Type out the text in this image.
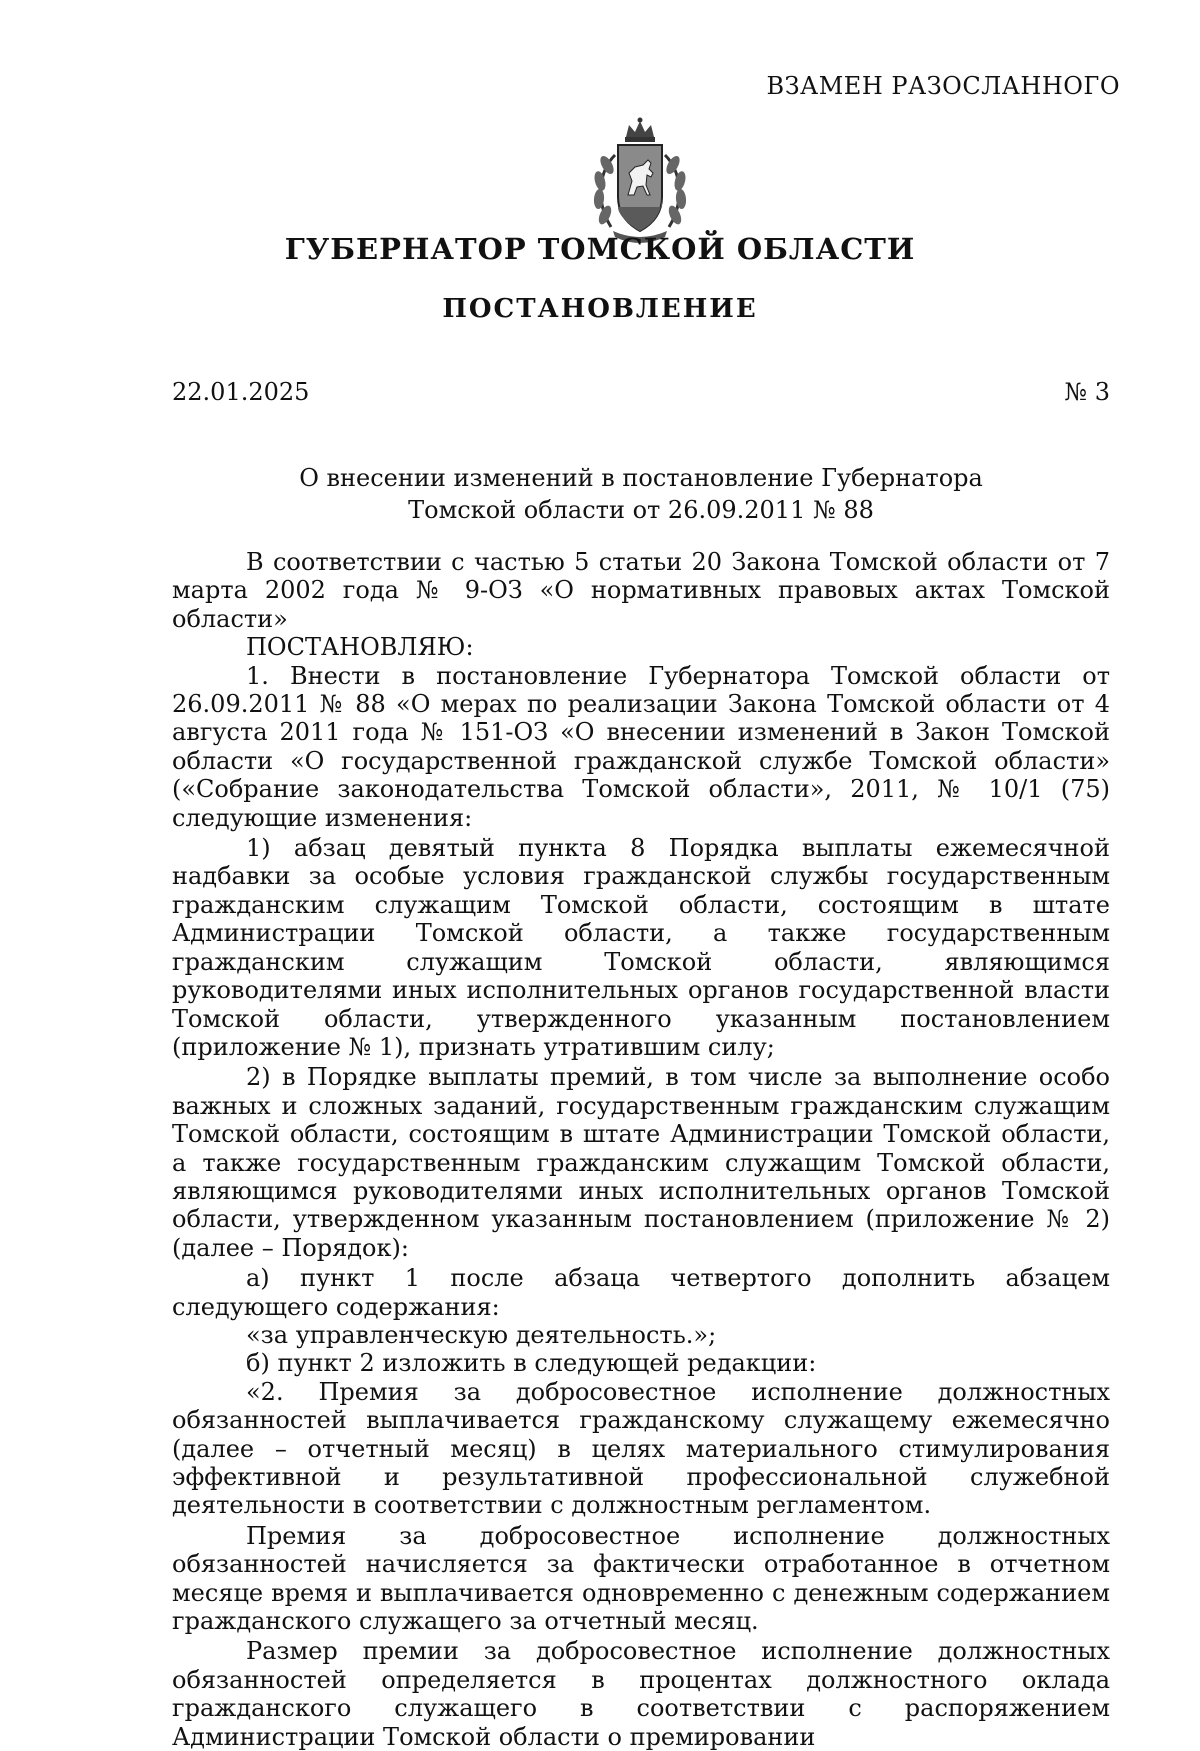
ВЗАМЕН РАЗОСЛАННОГО
ГУБЕРНАТОР ТОМСКОЙ ОБЛАСТИ
ПОСТАНОВЛЕНИЕ
22.01.2025	№ 3
О внесении изменений в постановление Губернатора
Томской области от 26.09.2011 № 88

В соответствии с частью 5 статьи 20 Закона Томской области от 7 марта 2002 года № 9-ОЗ «О нормативных правовых актах Томской области»

ПОСТАНОВЛЯЮ:

1. Внести в постановление Губернатора Томской области от 26.09.2011 № 88 «О мерах по реализации Закона Томской области от 4 августа 2011 года № 151-ОЗ «О внесении изменений в Закон Томской области «О государственной гражданской службе Томской области» («Собрание законодательства Томской области», 2011, № 10/1 (75) следующие изменения:

1) абзац девятый пункта 8 Порядка выплаты ежемесячной надбавки за особые условия гражданской службы государственным гражданским служащим Томской области, состоящим в штате Администрации Томской области, а также государственным гражданским служащим Томской области, являющимся руководителями иных исполнительных органов государственной власти Томской области, утвержденного указанным постановлением (приложение № 1), признать утратившим силу;

2) в Порядке выплаты премий, в том числе за выполнение особо важных и сложных заданий, государственным гражданским служащим Томской области, состоящим в штате Администрации Томской области, а также государственным гражданским служащим Томской области, являющимся руководителями иных исполнительных органов Томской области, утвержденном указанным постановлением (приложение № 2) (далее – Порядок):

а) пункт 1 после абзаца четвертого дополнить абзацем следующего содержания:

«за управленческую деятельность.»;

б) пункт 2 изложить в следующей редакции:

«2. Премия за добросовестное исполнение должностных обязанностей выплачивается гражданскому служащему ежемесячно (далее – отчетный месяц) в целях материального стимулирования эффективной и результативной профессиональной служебной деятельности в соответствии с должностным регламентом.

Премия за добросовестное исполнение должностных обязанностей начисляется за фактически отработанное в отчетном месяце время и выплачивается одновременно с денежным содержанием гражданского служащего за отчетный месяц.

Размер премии за добросовестное исполнение должностных обязанностей определяется в процентах должностного оклада гражданского служащего в соответствии с распоряжением Администрации Томской области о премировании
